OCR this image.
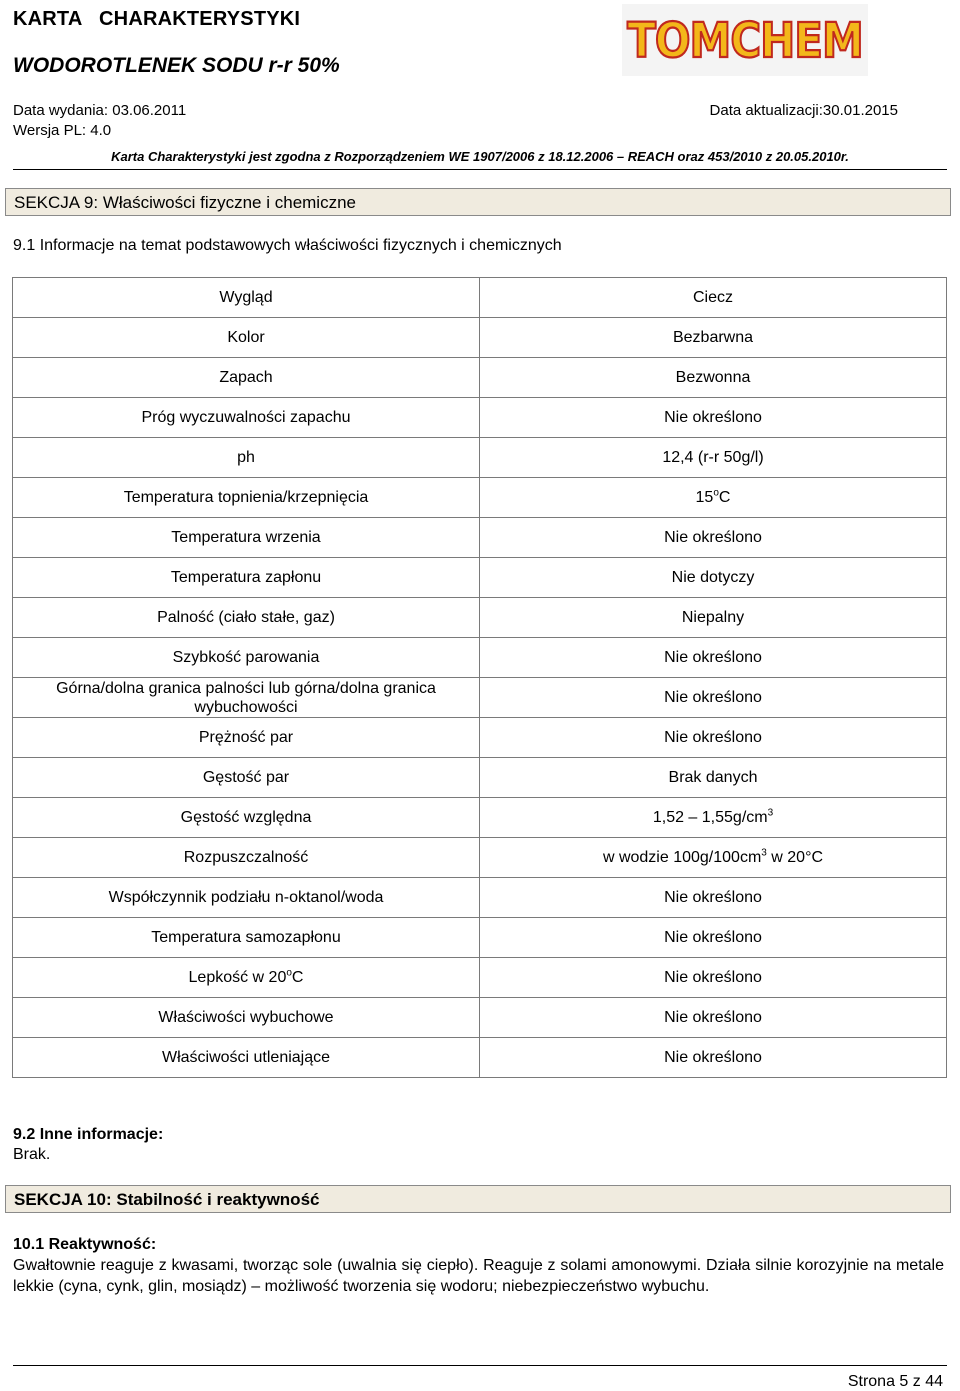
KARTA   CHARAKTERYSTYKI
WODOROTLENEK SODU r-r 50%	TOMCHEM
Data wydania: 03.06.2011	Data aktualizacji:30.01.2015
Wersja PL: 4.0
Karta Charakterystyki jest zgodna z Rozporządzeniem WE 1907/2006 z 18.12.2006 – REACH oraz 453/2010 z 20.05.2010r.
SEKCJA 9: Właściwości fizyczne i chemiczne
9.1 Informacje na temat podstawowych właściwości fizycznych i chemicznych
Wygląd	Ciecz
Kolor	Bezbarwna
Zapach	Bezwonna
Próg wyczuwalności zapachu	Nie określono
ph	12,4 (r-r 50g/l)
Temperatura topnienia/krzepnięcia	15$^o$C
Temperatura wrzenia	Nie określono
Temperatura zapłonu	Nie dotyczy
Palność (ciało stałe, gaz)	Niepalny
Szybkość parowania	Nie określono
Górna/dolna granica palności lub górna/dolna granica wybuchowości	Nie określono
Prężność par	Nie określono
Gęstość par	Brak danych
Gęstość względna	$1,52 - 1,55g/cm^3$
Rozpuszczalność	w wodzie $100g/100cm^3$ w 20°C
Współczynnik podziału n-oktanol/woda	Nie określono
Temperatura samozapłonu	Nie określono
Lepkość w 20$^o$C	Nie określono
Właściwości wybuchowe	Nie określono
Właściwości utleniające	Nie określono
9.2 Inne informacje:
Brak.
SEKCJA 10: Stabilność i reaktywność
10.1 Reaktywność:

Gwałtownie reaguje z kwasami, tworząc sole (uwalnia się ciepło). Reaguje z solami amonowymi. Działa silnie korozyjnie na metale lekkie (cyna, cynk, glin, mosiądz) – możliwość tworzenia się wodoru; niebezpieczeństwo wybuchu.

Strona 5 z 44
